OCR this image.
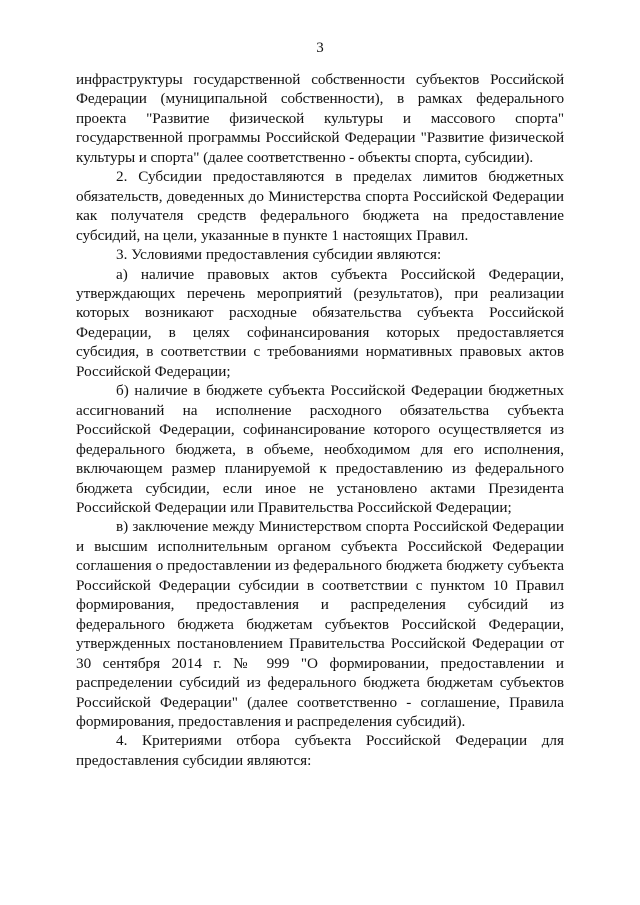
3

инфраструктуры государственной собственности субъектов Российской Федерации (муниципальной собственности), в рамках федерального проекта "Развитие физической культуры и массового спорта" государственной программы Российской Федерации "Развитие физической культуры и спорта" (далее соответственно - объекты спорта, субсидии).

2. Субсидии предоставляются в пределах лимитов бюджетных обязательств, доведенных до Министерства спорта Российской Федерации как получателя средств федерального бюджета на предоставление субсидий, на цели, указанные в пункте 1 настоящих Правил.

3. Условиями предоставления субсидии являются:

а) наличие правовых актов субъекта Российской Федерации, утверждающих перечень мероприятий (результатов), при реализации которых возникают расходные обязательства субъекта Российской Федерации, в целях софинансирования которых предоставляется субсидия, в соответствии с требованиями нормативных правовых актов Российской Федерации;

б) наличие в бюджете субъекта Российской Федерации бюджетных ассигнований на исполнение расходного обязательства субъекта Российской Федерации, софинансирование которого осуществляется из федерального бюджета, в объеме, необходимом для его исполнения, включающем размер планируемой к предоставлению из федерального бюджета субсидии, если иное не установлено актами Президента Российской Федерации или Правительства Российской Федерации;

в) заключение между Министерством спорта Российской Федерации и высшим исполнительным органом субъекта Российской Федерации соглашения о предоставлении из федерального бюджета бюджету субъекта Российской Федерации субсидии в соответствии с пунктом 10 Правил формирования, предоставления и распределения субсидий из федерального бюджета бюджетам субъектов Российской Федерации, утвержденных постановлением Правительства Российской Федерации от 30 сентября 2014 г. № 999 "О формировании, предоставлении и распределении субсидий из федерального бюджета бюджетам субъектов Российской Федерации" (далее соответственно - соглашение, Правила формирования, предоставления и распределения субсидий).

4. Критериями отбора субъекта Российской Федерации для предоставления субсидии являются:
